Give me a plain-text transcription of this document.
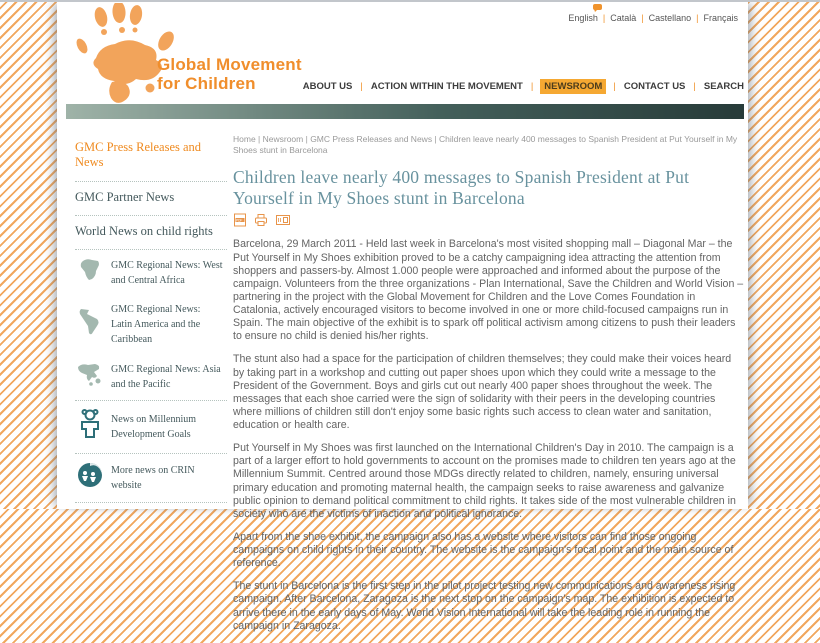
Global Movement
for Children
English | Català | Castellano | Français
ABOUT US | ACTION WITHIN THE MOVEMENT | NEWSROOM | CONTACT US | SEARCH
GMC Press Releases and News
GMC Partner News
World News on child rights
GMC Regional News: West and Central Africa
GMC Regional News: Latin America and the Caribbean
GMC Regional News: Asia and the Pacific
News on Millennium Development Goals
More news on CRIN website
Home | Newsroom | GMC Press Releases and News | Children leave nearly 400 messages to Spanish President at Put Yourself in My Shoes stunt in Barcelona
Children leave nearly 400 messages to Spanish President at Put Yourself in My Shoes stunt in Barcelona
PDF

Barcelona, 29 March 2011 - Held last week in Barcelona's most visited shopping mall – Diagonal Mar – the Put Yourself in My Shoes exhibition proved to be a catchy campaigning idea attracting the attention from shoppers and passers-by. Almost 1.000 people were approached and informed about the purpose of the campaign. Volunteers from the three organizations - Plan International, Save the Children and World Vision – partnering in the project with the Global Movement for Children and the Love Comes Foundation in Catalonia, actively encouraged visitors to become involved in one or more child-focused campaigns run in Spain. The main objective of the exhibit is to spark off political activism among citizens to push their leaders to ensure no child is denied his/her rights.

The stunt also had a space for the participation of children themselves; they could make their voices heard by taking part in a workshop and cutting out paper shoes upon which they could write a message to the President of the Government. Boys and girls cut out nearly 400 paper shoes throughout the week. The messages that each shoe carried were the sign of solidarity with their peers in the developing countries where millions of children still don't enjoy some basic rights such access to clean water and sanitation, education or health care.

Put Yourself in My Shoes was first launched on the International Children's Day in 2010. The campaign is a part of a larger effort to hold governments to account on the promises made to children ten years ago at the Millennium Summit. Centred around those MDGs directly related to children, namely, ensuring universal primary education and promoting maternal health, the campaign seeks to raise awareness and galvanize public opinion to demand political commitment to child rights. It takes side of the most vulnerable children in society who are the victims of inaction and political ignorance.

Apart from the shoe exhibit, the campaign also has a website where visitors can find those ongoing campaigns on child rights in their country. The website is the campaign's focal point and the main source of reference.

The stunt in Barcelona is the first step in the pilot project testing new communications and awareness rising campaign. After Barcelona, Zaragoza is the next stop on the campaign's map. The exhibition is expected to arrive there in the early days of May. World Vision International will take the leading role in running the campaign in Zaragoza.
